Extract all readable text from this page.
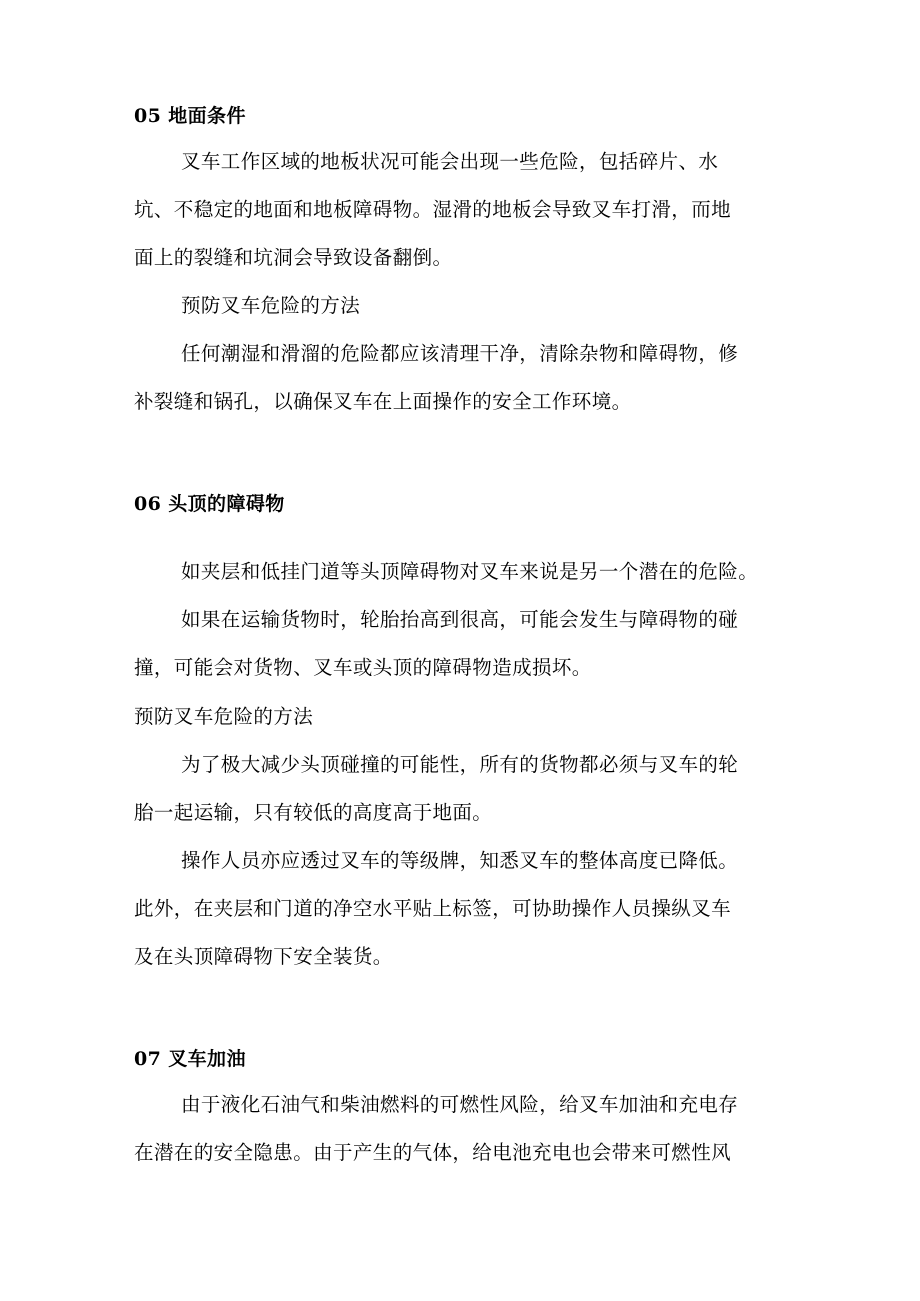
05 地面条件

叉车工作区域的地板状况可能会出现一些危险，包括碎片、水

坑、不稳定的地面和地板障碍物。湿滑的地板会导致叉车打滑，而地

面上的裂缝和坑洞会导致设备翻倒。

预防叉车危险的方法

任何潮湿和滑溜的危险都应该清理干净，清除杂物和障碍物，修

补裂缝和锅孔，以确保叉车在上面操作的安全工作环境。

06 头顶的障碍物

如夹层和低挂门道等头顶障碍物对叉车来说是另一个潜在的危险。

如果在运输货物时，轮胎抬高到很高，可能会发生与障碍物的碰

撞，可能会对货物、叉车或头顶的障碍物造成损坏。

预防叉车危险的方法

为了极大减少头顶碰撞的可能性，所有的货物都必须与叉车的轮

胎一起运输，只有较低的高度高于地面。

操作人员亦应透过叉车的等级牌，知悉叉车的整体高度已降低。

此外，在夹层和门道的净空水平贴上标签，可协助操作人员操纵叉车

及在头顶障碍物下安全装货。

07 叉车加油

由于液化石油气和柴油燃料的可燃性风险，给叉车加油和充电存

在潜在的安全隐患。由于产生的气体，给电池充电也会带来可燃性风
